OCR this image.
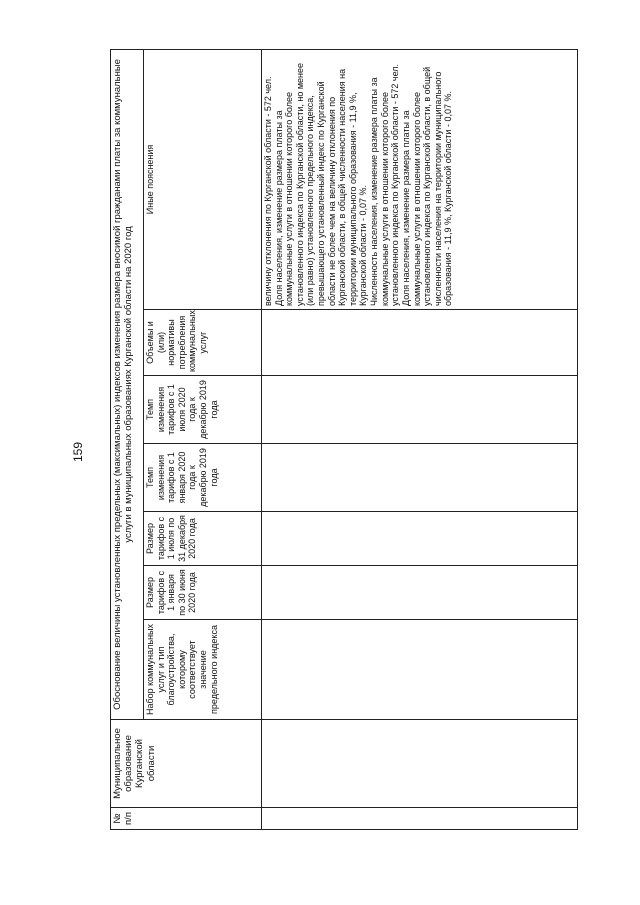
159
№ п/п	Муниципальное образование Курганской области	Обоснование величины установленных предельных (максимальных) индексов изменения размера вносимой гражданами платы за коммунальные услуги в муниципальных образованиях Курганской области на 2020 год						
		Набор коммунальных услуг и тип благоустройства, которому соответствует значение предельного индекса	Размер тарифов с 1 января по 30 июня 2020 года	Размер тарифов с 1 июля по 31 декабря 2020 года	Темп изменения тарифов с 1 января 2020 года к декабрю 2019 года	Темп изменения тарифов с 1 июля 2020 года к декабрю 2019 года	Объемы и (или) нормативы потребления коммунальных услуг	Иные пояснения

								величину отклонения по Курганской области - 572 чел. Доля населения, изменение размера платы за коммунальные услуги в отношении которого более установленного индекса по Курганской области, но менее (или равно) установленного предельного индекса, превышающего установленный индекс по Курганской области не более чем на величину отклонения по Курганской области, в общей численности населения на территории муниципального образования - 11,9 %, Курганской области - 0,07 %. Численность населения, изменение размера платы за коммунальные услуги в отношении которого более установленного индекса по Курганской области - 572 чел. Доля населения, изменение размера платы за коммунальные услуги в отношении которого более установленного индекса по Курганской области, в общей численности населения на территории муниципального образования - 11,9 %, Курганской области - 0,07 %.
